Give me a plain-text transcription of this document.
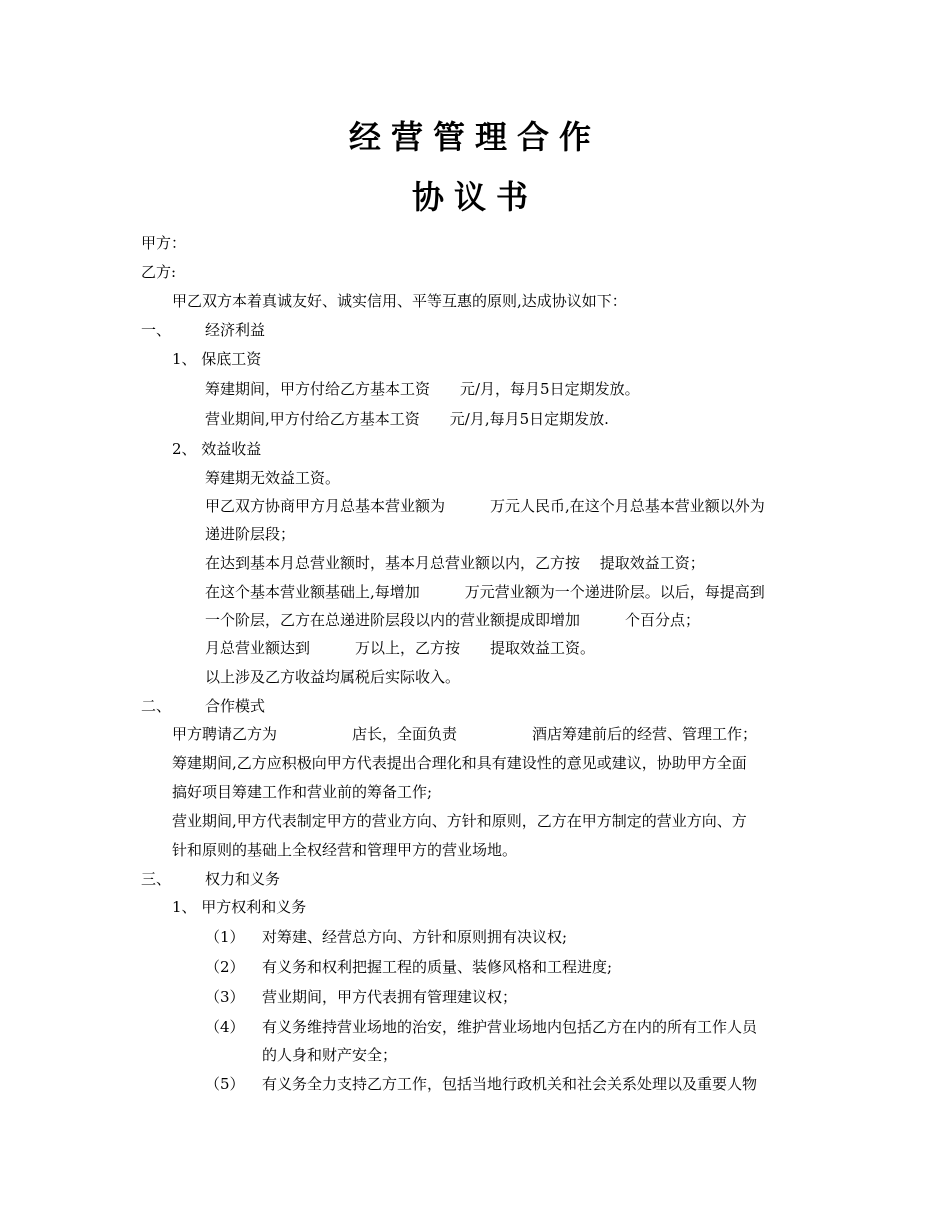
经营管理合作
协议书
甲方：
乙方:
甲乙双方本着真诚友好、诚实信用、平等互惠的原则,达成协议如下：
一、 经济利益
1、 保底工资
筹建期间，甲方付给乙方基本工资　　元/月，每月5日定期发放。
营业期间,甲方付给乙方基本工资　　元/月,每月5日定期发放.
2、 效益收益
筹建期无效益工资。
甲乙双方协商甲方月总基本营业额为　　　万元人民币,在这个月总基本营业额以外为
递进阶层段；
在达到基本月总营业额时，基本月总营业额以内，乙方按　 提取效益工资；
在这个基本营业额基础上,每增加　　　万元营业额为一个递进阶层。以后，每提高到
一个阶层，乙方在总递进阶层段以内的营业额提成即增加　　　个百分点；
月总营业额达到　　　万以上，乙方按　　提取效益工资。
以上涉及乙方收益均属税后实际收入。
二、 合作模式
甲方聘请乙方为　　　　　店长，全面负责　　　　　酒店筹建前后的经营、管理工作；
筹建期间,乙方应积极向甲方代表提出合理化和具有建设性的意见或建议，协助甲方全面
搞好项目筹建工作和营业前的筹备工作;
营业期间,甲方代表制定甲方的营业方向、方针和原则，乙方在甲方制定的营业方向、方
针和原则的基础上全权经营和管理甲方的营业场地。
三、 权力和义务
1、 甲方权利和义务
（1） 对筹建、经营总方向、方针和原则拥有决议权;
（2） 有义务和权利把握工程的质量、装修风格和工程进度;
（3） 营业期间，甲方代表拥有管理建议权；
（4） 有义务维持营业场地的治安，维护营业场地内包括乙方在内的所有工作人员
的人身和财产安全；
（5） 有义务全力支持乙方工作，包括当地行政机关和社会关系处理以及重要人物
